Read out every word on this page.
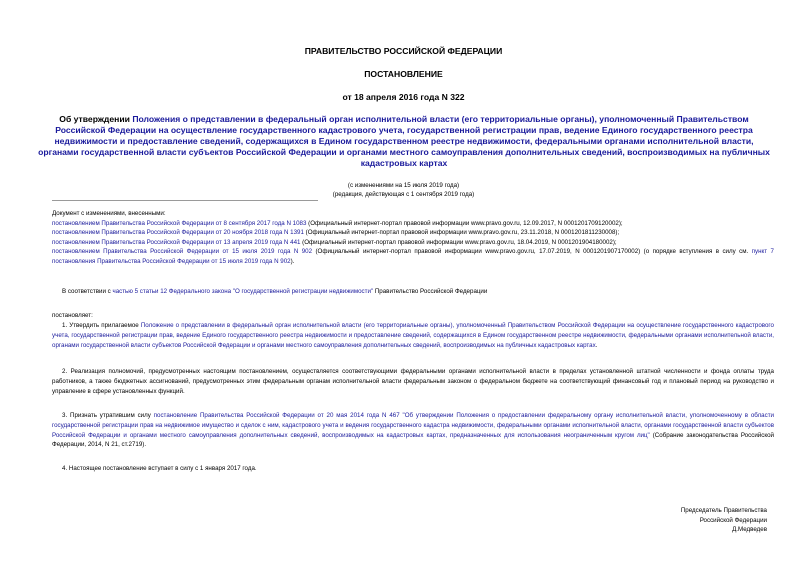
ПРАВИТЕЛЬСТВО РОССИЙСКОЙ ФЕДЕРАЦИИ
ПОСТАНОВЛЕНИЕ
от 18 апреля 2016 года N 322
Об утверждении Положения о представлении в федеральный орган исполнительной власти (его территориальные органы), уполномоченный Правительством Российской Федерации на осуществление государственного кадастрового учета, государственной регистрации прав, ведение Единого государственного реестра недвижимости и предоставление сведений, содержащихся в Едином государственном реестре недвижимости, федеральными органами исполнительной власти, органами государственной власти субъектов Российской Федерации и органами местного самоуправления дополнительных сведений, воспроизводимых на публичных кадастровых картах
(с изменениями на 15 июля 2019 года)
(редакция, действующая с 1 сентября 2019 года)
Документ с изменениями, внесенными:
постановлением Правительства Российской Федерации от 8 сентября 2017 года N 1083 (Официальный интернет-портал правовой информации www.pravo.gov.ru, 12.09.2017, N 0001201709120002);
постановлением Правительства Российской Федерации от 20 ноября 2018 года N 1391 (Официальный интернет-портал правовой информации www.pravo.gov.ru, 23.11.2018, N 0001201811230008);
постановлением Правительства Российской Федерации от 13 апреля 2019 года N 441 (Официальный интернет-портал правовой информации www.pravo.gov.ru, 18.04.2019, N 0001201904180002);
постановлением Правительства Российской Федерации от 15 июля 2019 года N 902 (Официальный интернет-портал правовой информации www.pravo.gov.ru, 17.07.2019, N 0001201907170002) (о порядке вступления в силу см. пункт 7 постановления Правительства Российской Федерации от 15 июля 2019 года N 902).
В соответствии с частью 5 статьи 12 Федерального закона "О государственной регистрации недвижимости" Правительство Российской Федерации
постановляет:
1. Утвердить прилагаемое Положение о представлении в федеральный орган исполнительной власти (его территориальные органы), уполномоченный Правительством Российской Федерации на осуществление государственного кадастрового учета, государственной регистрации прав, ведение Единого государственного реестра недвижимости и предоставление сведений, содержащихся в Едином государственном реестре недвижимости, федеральными органами исполнительной власти, органами государственной власти субъектов Российской Федерации и органами местного самоуправления дополнительных сведений, воспроизводимых на публичных кадастровых картах.
2. Реализация полномочий, предусмотренных настоящим постановлением, осуществляется соответствующими федеральными органами исполнительной власти в пределах установленной штатной численности и фонда оплаты труда работников, а также бюджетных ассигнований, предусмотренных этим федеральным органам исполнительной власти федеральным законом о федеральном бюджете на соответствующий финансовый год и плановый период на руководство и управление в сфере установленных функций.
3. Признать утратившим силу постановление Правительства Российской Федерации от 20 мая 2014 года N 467 "Об утверждении Положения о предоставлении федеральному органу исполнительной власти, уполномоченному в области государственной регистрации прав на недвижимое имущество и сделок с ним, кадастрового учета и ведения государственного кадастра недвижимости, федеральными органами исполнительной власти, органами государственной власти субъектов Российской Федерации и органами местного самоуправления дополнительных сведений, воспроизводимых на кадастровых картах, предназначенных для использования неограниченным кругом лиц" (Собрание законодательства Российской Федерации, 2014, N 21, ст.2719).
4. Настоящее постановление вступает в силу с 1 января 2017 года.
Председатель Правительства
Российской Федерации
Д.Медведев
